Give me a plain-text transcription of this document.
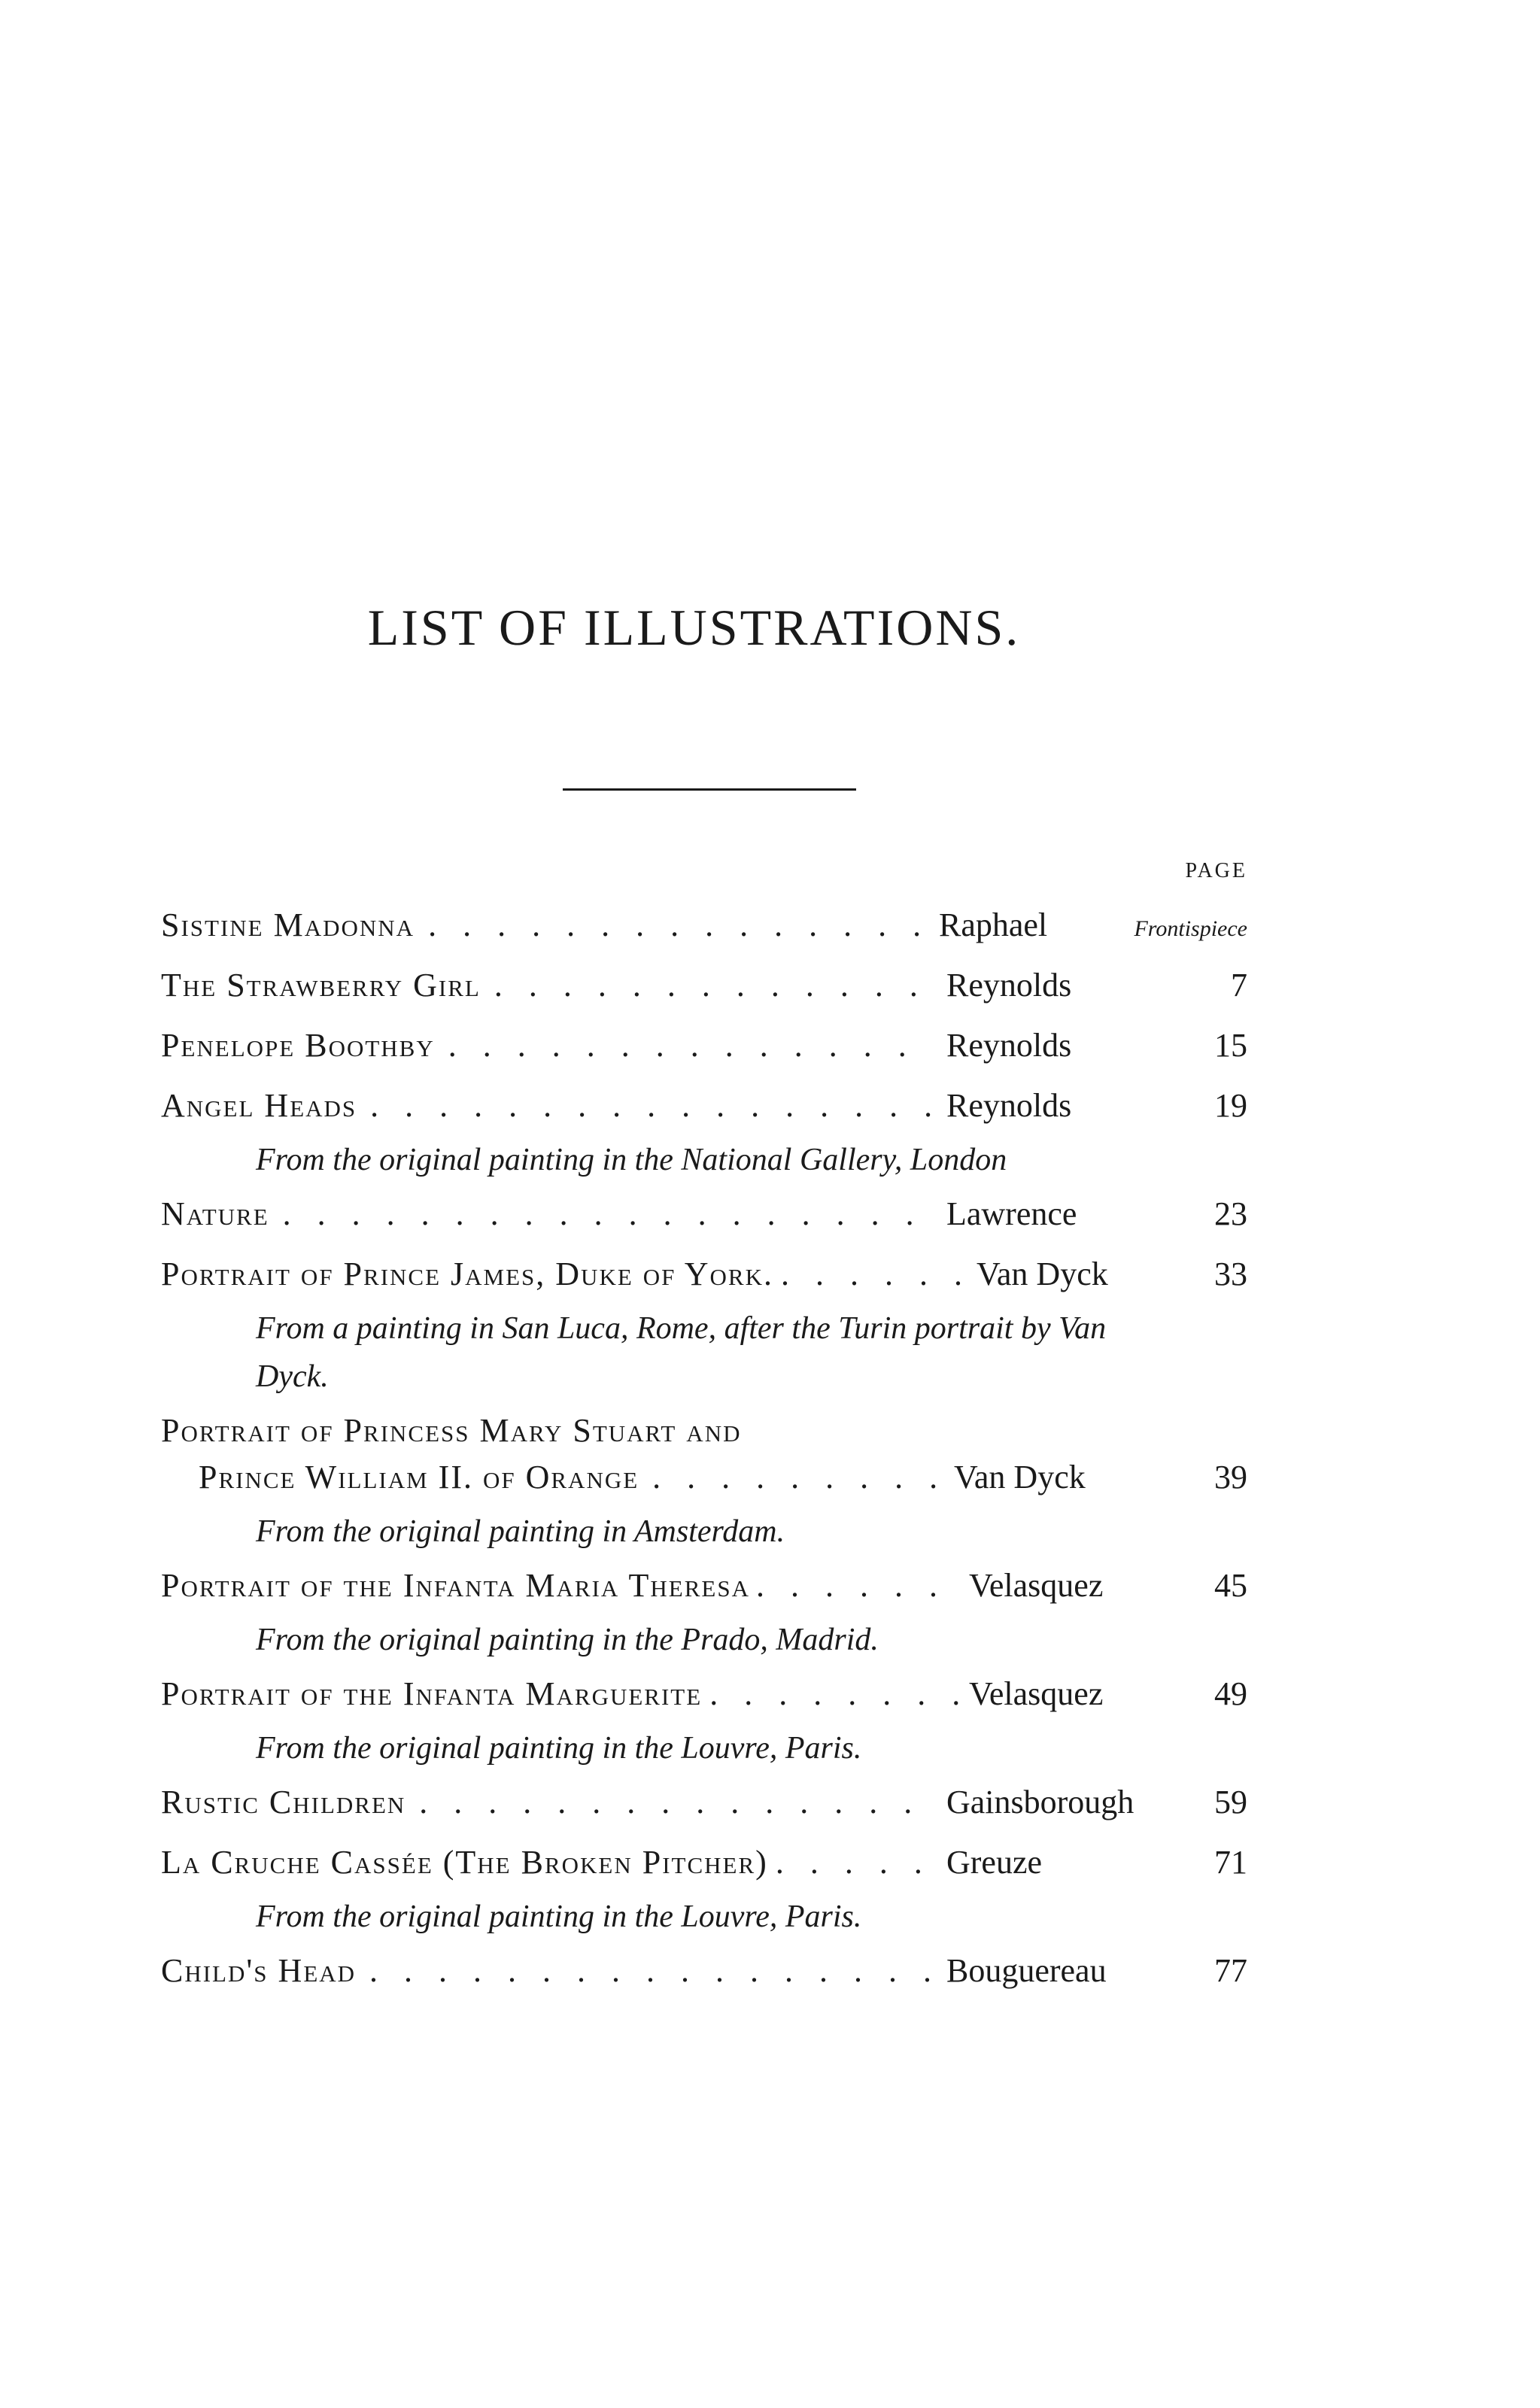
LIST OF ILLUSTRATIONS.
PAGE
Sistine Madonna . . .	Raphael	Frontispiece
The Strawberry Girl . . .	Reynolds	7
Penelope Boothby . . .	Reynolds	15
Angel Heads . . .	Reynolds	19
From the original painting in the National Gallery, London
Nature . . .	Lawrence	23
Portrait of Prince James, Duke of York. . . .	Van Dyck	33
From a painting in San Luca, Rome, after the Turin portrait by Van Dyck.
Portrait of Princess Mary Stuart and
Prince William II. of Orange . . .	Van Dyck	39
From the original painting in Amsterdam.
Portrait of the Infanta Maria Theresa . . .	Velasquez	45
From the original painting in the Prado, Madrid.
Portrait of the Infanta Marguerite . . .	Velasquez	49
From the original painting in the Louvre, Paris.
Rustic Children . . .	Gainsborough	59
La Cruche Cassée (The Broken Pitcher) . . .	Greuze	71
From the original painting in the Louvre, Paris.
Child's Head . . .	Bouguereau	77
